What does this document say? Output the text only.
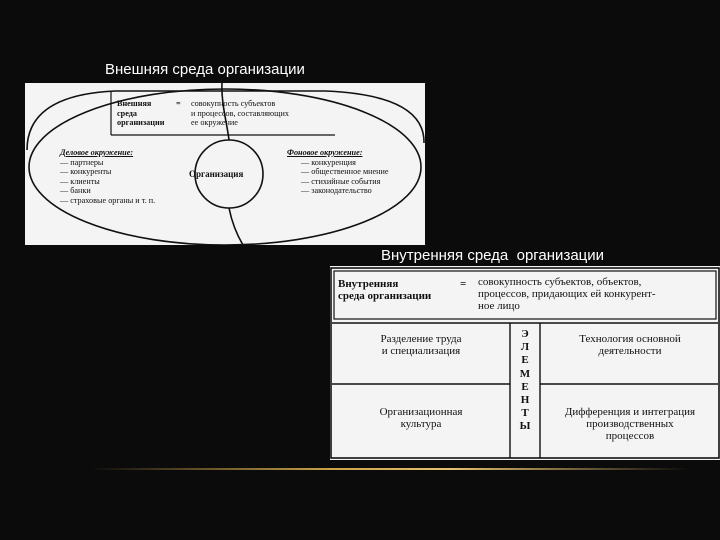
Внешняя среда организации
Внешняя
среда
организации
= совокупность субъектов
и процессов, составляющих
ее окружение
Организация
Деловое окружение:
— партнеры
— конкуренты
— клиенты
— банки
— страховые органы и т. п.
Фоновое окружение:
— конкуренция
— общественное мнение
— стихийные события
— законодательство
Внутренняя среда  организации
Внутренняя
среда организации
= совокупность субъектов, объектов,
процессов, придающих ей конкурент-
ное лицо
Разделение труда
и специализация
Технология основной
деятельности
Организационная
культура
Дифференция и интеграция
производственных
процессов
Э
Л
Е
М
Е
Н
Т
Ы
